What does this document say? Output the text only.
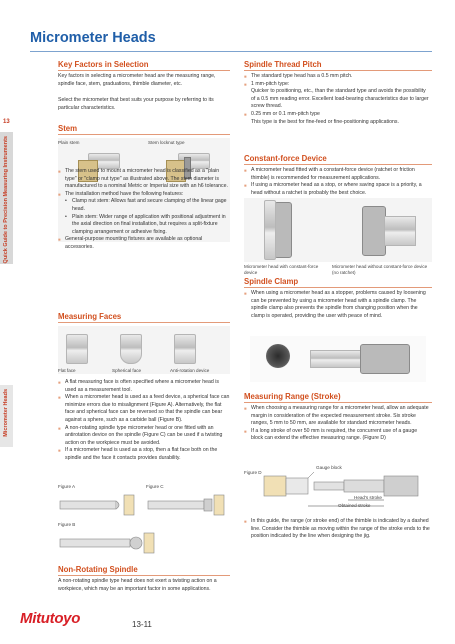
Micrometer Heads
13
Quick Guide to Precision Measuring Instruments
Micrometer Heads
Key Factors in Selection
Key factors in selecting a micrometer head are the measuring range, spindle face, stem, graduations, thimble diameter, etc.
Select the micrometer that best suits your purpose by referring to its particular characteristics.
Stem
Plain stem	Stem locknut type
■ The stem used to mount a micrometer head is classified as a "plain type" or "clamp nut type" as illustrated above. The stem diameter is manufactured to a nominal Metric or Imperial size with an h6 tolerance.
■ The installation method have the following features:
• Clamp nut stem: Allows fast and secure clamping of the linear gage head.
• Plain stem: Wider range of application with positional adjustment in the axial direction on final installation, but requires a split-fixture clamping arrangement or adhesive fixing.
■ General-purpose mounting fixtures are available as optional accessories.
Measuring Faces
Flat face	Spherical face	Anti-rotation device
■ A flat measuring face is often specified where a micrometer head is used as a measurement tool.
■ When a micrometer head is used as a feed device, a spherical face can minimize errors due to misalignment (Figure A). Alternatively, the flat face and spherical face can be reversed so that the spindle can bear against a sphere, such as a carbide ball (Figure B).
■ A non-rotating spindle type micrometer head or one fitted with an antirotation device on the spindle (Figure C) can be used if a twisting action on the workpiece must be avoided.
■ If a micrometer head is used as a stop, then a flat face both on the spindle and the face it contacts provides durability.
Figure A	Figure C
Figure B
Non-Rotating Spindle
A non-rotating spindle type head does not exert a twisting action on a workpiece, which may be an important factor in some applications.
Spindle Thread Pitch
■ The standard type head has a 0.5 mm pitch.
■ 1 mm-pitch type:
Quicker to positioning, etc., than the standard type and avoids the possibility of a 0.5 mm reading error. Excellent load-bearing characteristics due to larger screw thread.
■ 0.25 mm or 0.1 mm-pitch type
This type is the best for fine-feed or fine-positioning applications.
Constant-force Device
■ A micrometer head fitted with a constant-force device (ratchet or friction thimble) is recommended for measurement applications.
■ If using a micrometer head as a stop, or where saving space is a priority, a head without a ratchet is probably the best choice.
Micrometer head with constant-force device
Micrometer head without constant-force device (no ratchet)
Spindle Clamp
■ When using a micrometer head as a stopper, problems caused by loosening can be prevented by using a micrometer head with a spindle clamp. The spindle clamp also prevents the spindle from changing position when the clamp is operated, providing the user with peace of mind.
Measuring Range (Stroke)
■ When choosing a measuring range for a micrometer head, allow an adequate margin in consideration of the expected measurement stroke. Six stroke ranges, 5 mm to 50 mm, are available for standard micrometer heads.
■ If a long stroke of over 50 mm is required, the concurrent use of a gauge block can extend the effective measuring range. (Figure D)
Figure D
Gauge block
Head's stroke
Obtained stroke
■ In this guide, the range (or stroke end) of the thimble is indicated by a dashed line. Consider the thimble as moving within the range of the stroke ends to the position indicated by the line when designing the jig.
Mitutoyo	13-11
